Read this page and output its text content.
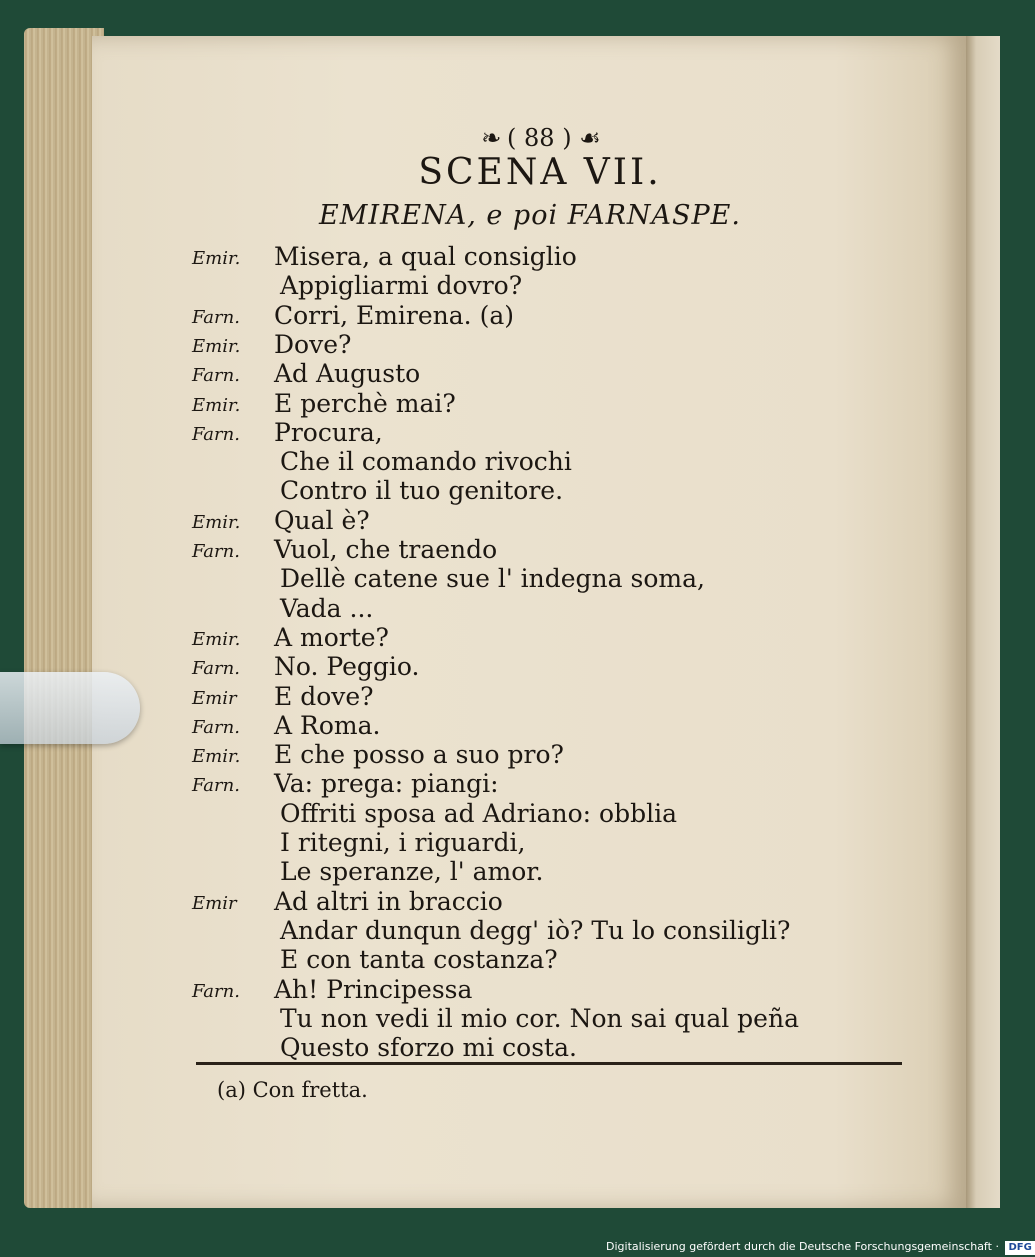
❧ ( 88 ) ☙
SCENA VII.
EMIRENA, e poi FARNASPE.
Emir. Misera, a qual consiglio
Appigliarmi dovro?
Farn. Corri, Emirena. (a)
Emir. Dove?
Farn. Ad Augusto
Emir. E perchè mai?
Farn. Procura,
Che il comando rivochi
Contro il tuo genitore.
Emir. Qual è?
Farn. Vuol, che traendo
Dellè catene sue l' indegna soma,
Vada ...
Emir. A morte?
Farn. No. Peggio.
Emir E dove?
Farn. A Roma.
Emir. E che posso a suo pro?
Farn. Va: prega: piangi:
Offriti sposa ad Adriano: obblia
I ritegni, i riguardi,
Le speranze, l' amor.
Emir Ad altri in braccio
Andar dunqun degg' iò? Tu lo consiligli?
E con tanta costanza?
Farn. Ah! Principessa
Tu non vedi il mio cor. Non sai qual peña
Questo sforzo mi costa.
(a) Con fretta.
Digitalisierung gefördert durch die Deutsche Forschungsgemeinschaft · DFG
